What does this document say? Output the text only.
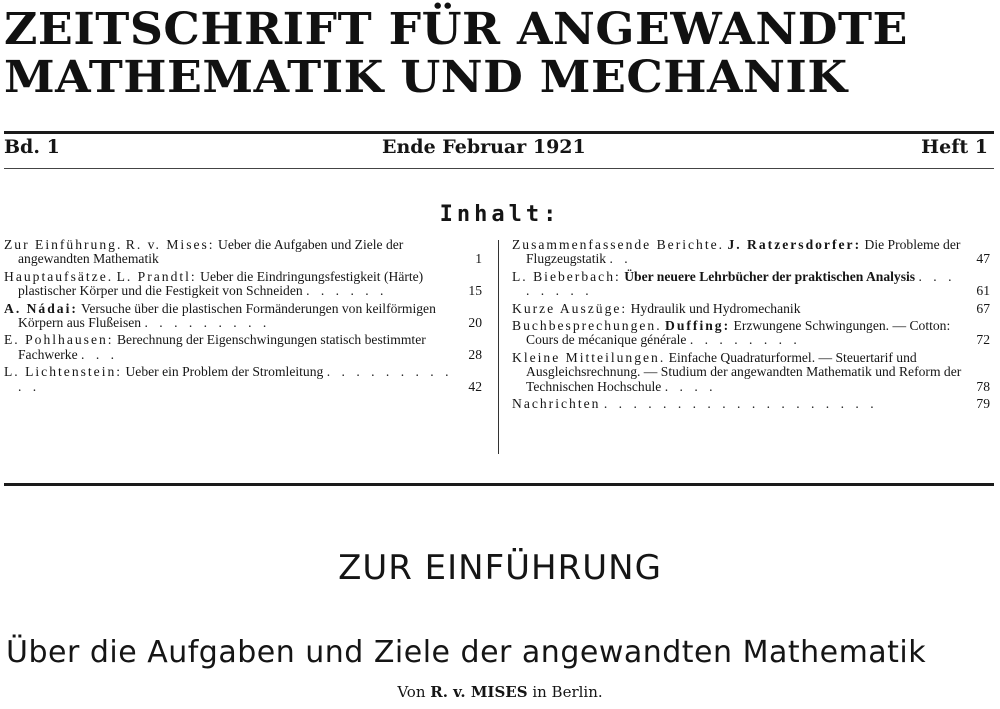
ZEITSCHRIFT FÜR ANGEWANDTE
MATHEMATIK UND MECHANIK
Bd. 1	Ende Februar 1921	Heft 1
Inhalt:
Zur Einführung. R. v. Mises: Ueber die Aufgaben und Ziele der angewandten Mathematik	1
Hauptaufsätze. L. Prandtl: Ueber die Eindringungsfestigkeit (Härte) plastischer Körper und die Festigkeit von Schneiden . . . . . .	15
A. Nádai: Versuche über die plastischen Formänderungen von keilförmigen Körpern aus Flußeisen . . . . . . . . .	20
E. Pohlhausen: Berechnung der Eigenschwingungen statisch bestimmter Fachwerke . . .	28
L. Lichtenstein: Ueber ein Problem der Stromleitung . . . . . . . . . . .	42
Zusammenfassende Berichte. J. Ratzersdorfer: Die Probleme der Flugzeugstatik . .	47
L. Bieberbach: Über neuere Lehrbücher der praktischen Analysis . . . . . . . .	61
Kurze Auszüge: Hydraulik und Hydromechanik	67
Buchbesprechungen. Duffing: Erzwungene Schwingungen. — Cotton: Cours de mécanique générale . . . . . . . .	72
Kleine Mitteilungen. Einfache Quadraturformel. — Steuertarif und Ausgleichsrechnung. — Studium der angewandten Mathematik und Reform der Technischen Hochschule . . . .	78
Nachrichten . . . . . . . . . . . . . . . . . . .	79
ZUR EINFÜHRUNG
Über die Aufgaben und Ziele der angewandten Mathematik
Von R. v. MISES in Berlin.
